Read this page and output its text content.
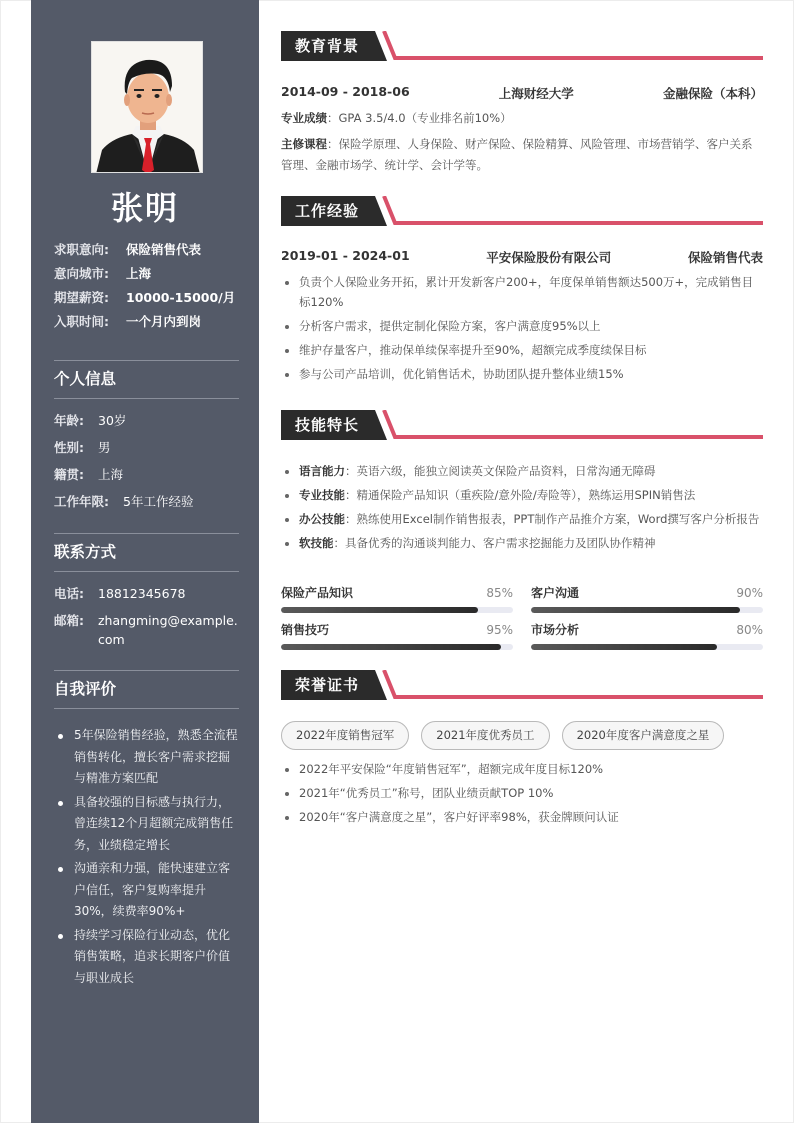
张明
求职意向:	保险销售代表
意向城市:	上海
期望薪资:	10000-15000/月
入职时间:	一个月内到岗
个人信息
年龄: 30岁
性别: 男
籍贯: 上海
工作年限: 5年工作经验
联系方式
电话: 18812345678
邮箱: zhangming@example.com
自我评价
5年保险销售经验，熟悉全流程销售转化，擅长客户需求挖掘与精准方案匹配
具备较强的目标感与执行力，曾连续12个月超额完成销售任务，业绩稳定增长
沟通亲和力强，能快速建立客户信任，客户复购率提升30%，续费率90%+
持续学习保险行业动态，优化销售策略，追求长期客户价值与职业成长
教育背景
2014-09 - 2018-06	上海财经大学	金融保险（本科）
专业成绩：GPA 3.5/4.0（专业排名前10%）
主修课程：保险学原理、人身保险、财产保险、保险精算、风险管理、市场营销学、客户关系管理、金融市场学、统计学、会计学等。
工作经验
2019-01 - 2024-01	平安保险股份有限公司	保险销售代表
负责个人保险业务开拓，累计开发新客户200+，年度保单销售额达500万+，完成销售目标120%
分析客户需求，提供定制化保险方案，客户满意度95%以上
维护存量客户，推动保单续保率提升至90%，超额完成季度续保目标
参与公司产品培训，优化销售话术，协助团队提升整体业绩15%
技能特长
语言能力：英语六级，能独立阅读英文保险产品资料，日常沟通无障碍
专业技能：精通保险产品知识（重疾险/意外险/寿险等），熟练运用SPIN销售法
办公技能：熟练使用Excel制作销售报表，PPT制作产品推介方案，Word撰写客户分析报告
软技能：具备优秀的沟通谈判能力、客户需求挖掘能力及团队协作精神
保险产品知识	85% 客户沟通	90%
销售技巧	95% 市场分析	80%
荣誉证书
2022年度销售冠军	2021年度优秀员工	2020年度客户满意度之星
2022年平安保险“年度销售冠军”，超额完成年度目标120%
2021年“优秀员工”称号，团队业绩贡献TOP 10%
2020年“客户满意度之星”，客户好评率98%，获金牌顾问认证
